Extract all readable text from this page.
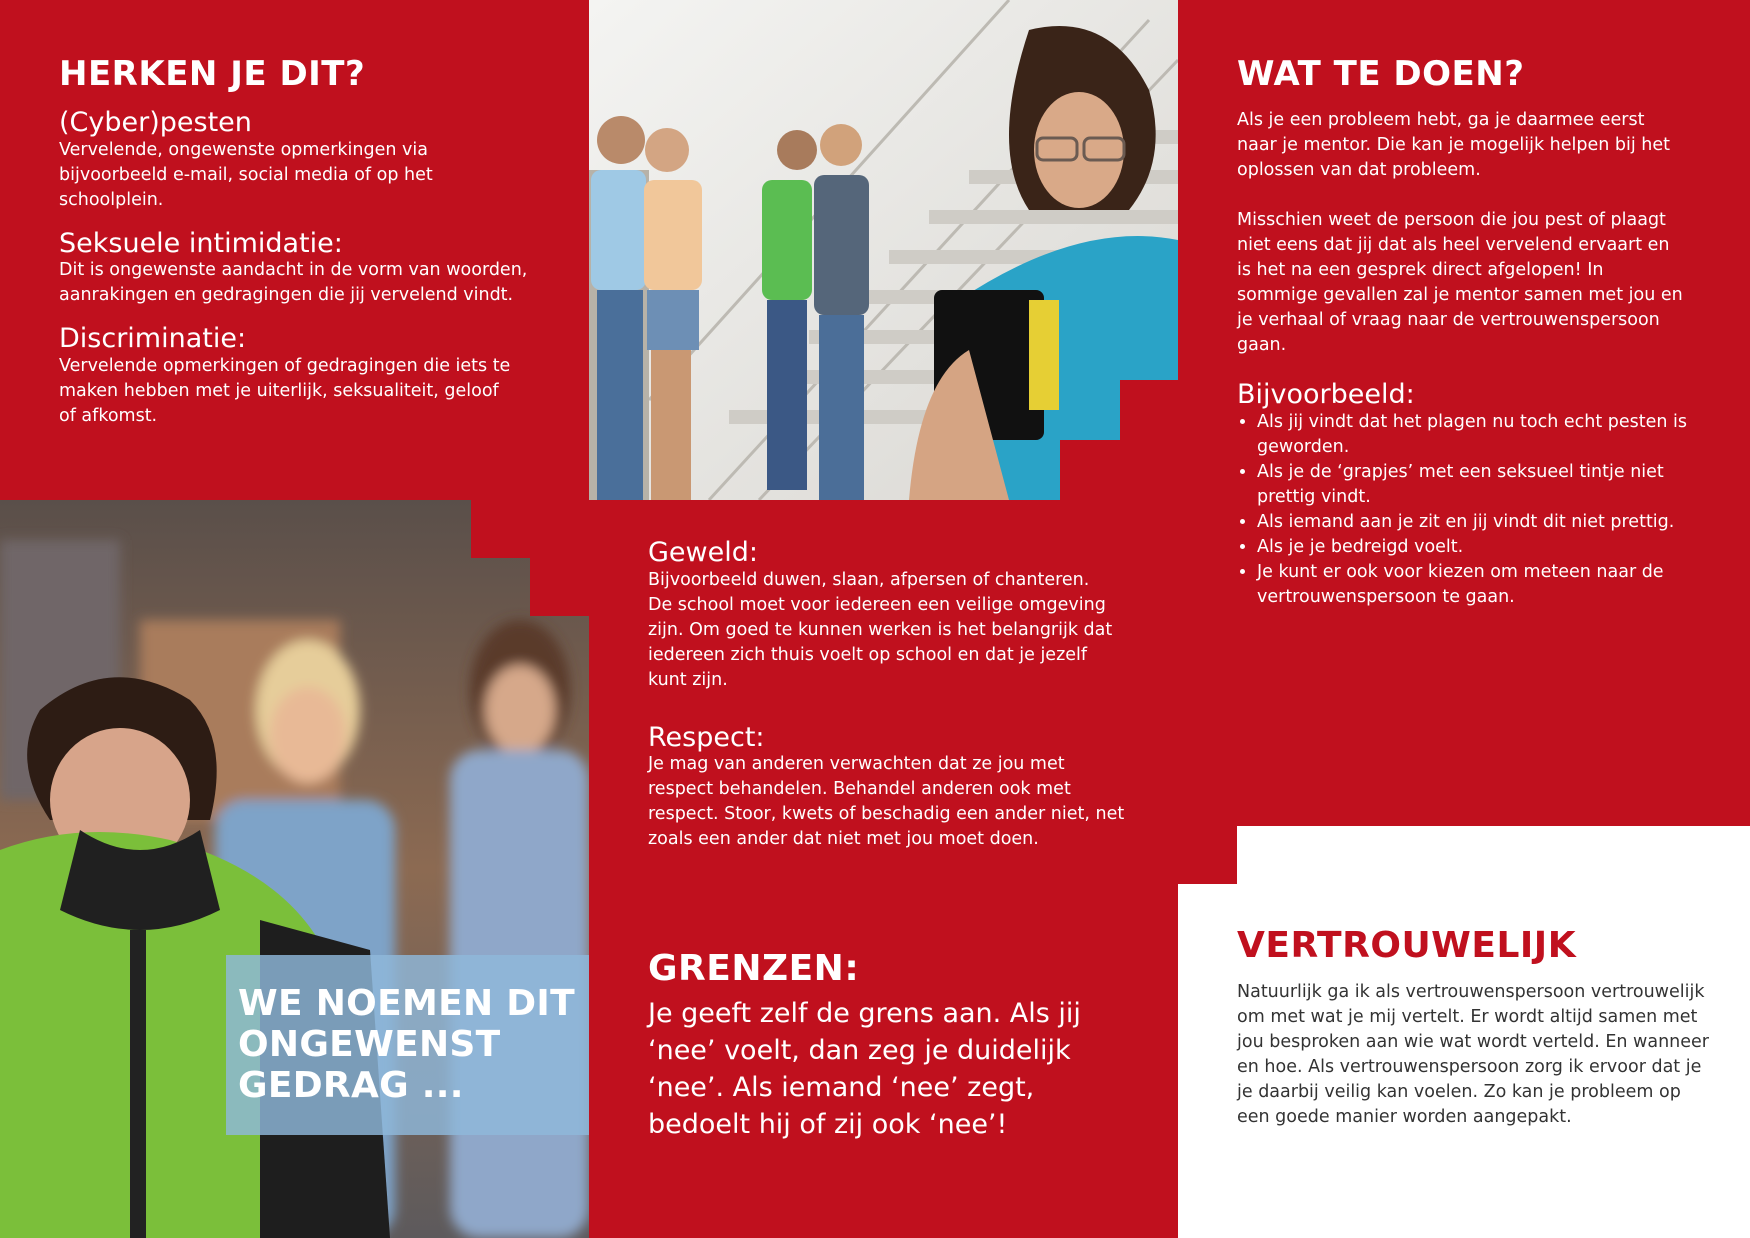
WE NOEMEN DIT
ONGEWENST
GEDRAG ...
HERKEN JE DIT?

(Cyber)pesten

Vervelende, ongewenste opmerkingen via bijvoorbeeld e-mail, social media of op het schoolplein.

Seksuele intimidatie:

Dit is ongewenste aandacht in de vorm van woorden, aanrakingen en gedragingen die jij vervelend vindt.

Discriminatie:

Vervelende opmerkingen of gedragingen die iets te maken hebben met je uiterlijk, seksualiteit, geloof of afkomst.

Geweld:

Bijvoorbeeld duwen, slaan, afpersen of chanteren. De school moet voor iedereen een veilige omgeving zijn. Om goed te kunnen werken is het belangrijk dat iedereen zich thuis voelt op school en dat je jezelf kunt zijn.

Respect:

Je mag van anderen verwachten dat ze jou met respect behandelen. Behandel anderen ook met respect. Stoor, kwets of beschadig een ander niet, net zoals een ander dat niet met jou moet doen.

GRENZEN:

Je geeft zelf de grens aan. Als jij ‘nee’ voelt, dan zeg je duidelijk ‘nee’. Als iemand ‘nee’ zegt, bedoelt hij of zij ook ‘nee’!

WAT TE DOEN?

Als je een probleem hebt, ga je daarmee eerst naar je mentor. Die kan je mogelijk helpen bij het oplossen van dat probleem.

Misschien weet de persoon die jou pest of plaagt niet eens dat jij dat als heel vervelend ervaart en is het na een gesprek direct afgelopen! In sommige gevallen zal je mentor samen met jou en je verhaal of vraag naar de vertrouwenspersoon gaan.

Bijvoorbeeld:

• Als jij vindt dat het plagen nu toch echt pesten is geworden.
• Als je de ‘grapjes’ met een seksueel tintje niet prettig vindt.
• Als iemand aan je zit en jij vindt dit niet prettig.
• Als je je bedreigd voelt.
• Je kunt er ook voor kiezen om meteen naar de vertrouwenspersoon te gaan.
VERTROUWELIJK

Natuurlijk ga ik als vertrouwenspersoon vertrouwelijk om met wat je mij vertelt. Er wordt altijd samen met jou besproken aan wie wat wordt verteld. En wanneer en hoe. Als vertrouwenspersoon zorg ik ervoor dat je je daarbij veilig kan voelen. Zo kan je probleem op een goede manier worden aangepakt.
